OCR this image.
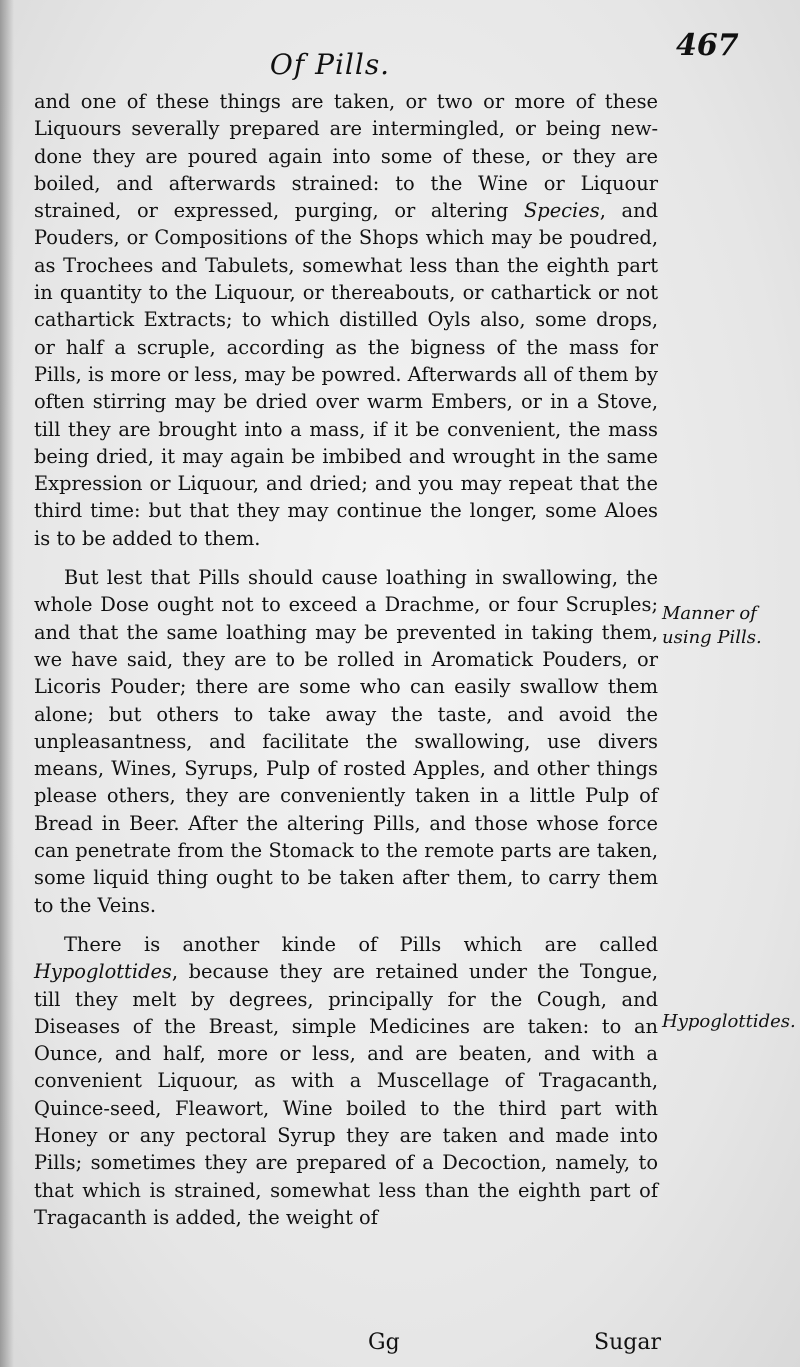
Of Pills.
467

and one of these things are taken, or two or more of these Liquours severally prepared are intermingled, or being new-done they are poured again into some of these, or they are boiled, and afterwards strained: to the Wine or Liquour strained, or expressed, purging, or altering Species, and Pouders, or Compositions of the Shops which may be poudred, as Trochees and Tabulets, somewhat less than the eighth part in quantity to the Liquour, or thereabouts, or cathartick or not cathartick Extracts; to which distilled Oyls also, some drops, or half a scruple, according as the bigness of the mass for Pills, is more or less, may be powred. Afterwards all of them by often stirring may be dried over warm Embers, or in a Stove, till they are brought into a mass, if it be convenient, the mass being dried, it may again be imbibed and wrought in the same Expression or Liquour, and dried; and you may repeat that the third time: but that they may continue the longer, some Aloes is to be added to them.

But lest that Pills should cause loathing in swallowing, the whole Dose ought not to exceed a Drachme, or four Scruples; and that the same loathing may be prevented in taking them, we have said, they are to be rolled in Aromatick Pouders, or Licoris Pouder; there are some who can easily swallow them alone; but others to take away the taste, and avoid the unpleasantness, and facilitate the swallowing, use divers means, Wines, Syrups, Pulp of rosted Apples, and other things please others, they are conveniently taken in a little Pulp of Bread in Beer. After the altering Pills, and those whose force can penetrate from the Stomack to the remote parts are taken, some liquid thing ought to be taken after them, to carry them to the Veins.

There is another kinde of Pills which are called Hypoglottides, because they are retained under the Tongue, till they melt by degrees, principally for the Cough, and Diseases of the Breast, simple Medicines are taken: to an Ounce, and half, more or less, and are beaten, and with a convenient Liquour, as with a Muscellage of Tragacanth, Quince-seed, Fleawort, Wine boiled to the third part with Honey or any pectoral Syrup they are taken and made into Pills; sometimes they are prepared of a Decoction, namely, to that which is strained, somewhat less than the eighth part of Tragacanth is added, the weight of

Manner of using Pills.
Hypoglottides.
Gg	Sugar
